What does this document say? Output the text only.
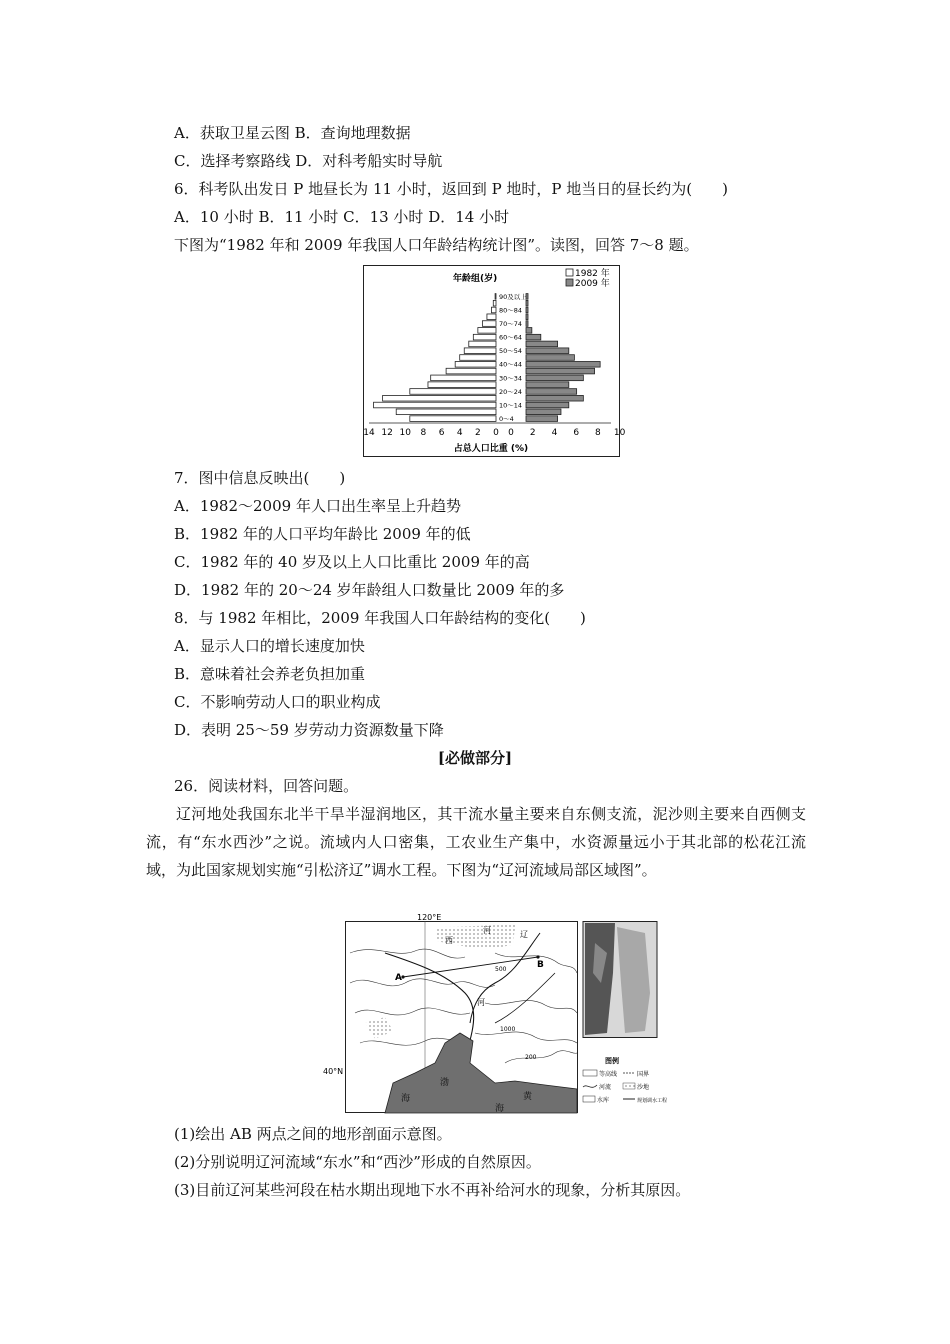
A．获取卫星云图 B．查询地理数据
C．选择考察路线 D．对科考船实时导航
6．科考队出发日 P 地昼长为 11 小时，返回到 P 地时，P 地当日的昼长约为(　　)
A．10 小时 B．11 小时 C．13 小时 D．14 小时
下图为“1982 年和 2009 年我国人口年龄结构统计图”。读图，回答 7～8 题。
年龄组(岁)	1982 年
2009 年
0～4
10～14
20～24
30～34
40～44
50～54
60～64
70～74
80～84
90及以上
14 12 10 8 6 4 2 0 0 2 4 6 8 10
占总人口比重 (%)
7．图中信息反映出(　　)
A．1982～2009 年人口出生率呈上升趋势
B．1982 年的人口平均年龄比 2009 年的低
C．1982 年的 40 岁及以上人口比重比 2009 年的高
D．1982 年的 20～24 岁年龄组人口数量比 2009 年的多
8．与 1982 年相比，2009 年我国人口年龄结构的变化(　　)
A．显示人口的增长速度加快
B．意味着社会养老负担加重
C．不影响劳动人口的职业构成
D．表明 25～59 岁劳动力资源数量下降
[必做部分]
26．阅读材料，回答问题。
辽河地处我国东北半干旱半湿润地区，其干流水量主要来自东侧支流，泥沙则主要来自西侧支流，有“东水西沙”之说。流域内人口密集，工农业生产集中，水资源量远小于其北部的松花江流域，为此国家规划实施“引松济辽”调水工程。下图为“辽河流域局部区域图”。
120°E
40°N
A
B
西
辽
河
河
500
1000
200
渤
海	黄
海
图例
等高线	国界
河流	沙地
水库	规划调水工程
(1)绘出 AB 两点之间的地形剖面示意图。
(2)分别说明辽河流域“东水”和“西沙”形成的自然原因。
(3)目前辽河某些河段在枯水期出现地下水不再补给河水的现象，分析其原因。
